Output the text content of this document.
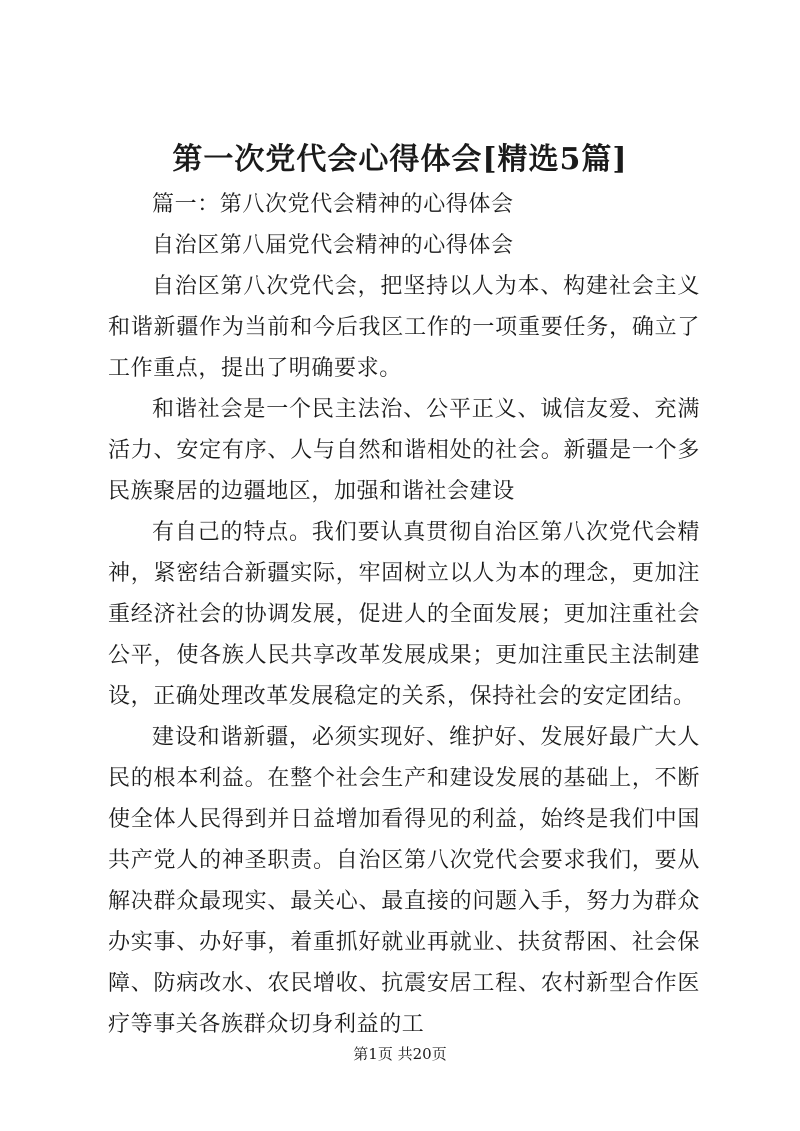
第一次党代会心得体会[精选5篇]

篇一：第八次党代会精神的心得体会

自治区第八届党代会精神的心得体会

自治区第八次党代会，把坚持以人为本、构建社会主义和谐新疆作为当前和今后我区工作的一项重要任务，确立了工作重点，提出了明确要求。

和谐社会是一个民主法治、公平正义、诚信友爱、充满活力、安定有序、人与自然和谐相处的社会。新疆是一个多民族聚居的边疆地区，加强和谐社会建设

有自己的特点。我们要认真贯彻自治区第八次党代会精神，紧密结合新疆实际，牢固树立以人为本的理念，更加注重经济社会的协调发展，促进人的全面发展；更加注重社会公平，使各族人民共享改革发展成果；更加注重民主法制建设，正确处理改革发展稳定的关系，保持社会的安定团结。

建设和谐新疆，必须实现好、维护好、发展好最广大人民的根本利益。在整个社会生产和建设发展的基础上，不断使全体人民得到并日益增加看得见的利益，始终是我们中国共产党人的神圣职责。自治区第八次党代会要求我们，要从解决群众最现实、最关心、最直接的问题入手，努力为群众办实事、办好事，着重抓好就业再就业、扶贫帮困、社会保障、防病改水、农民增收、抗震安居工程、农村新型合作医疗等事关各族群众切身利益的工

第1页 共20页
